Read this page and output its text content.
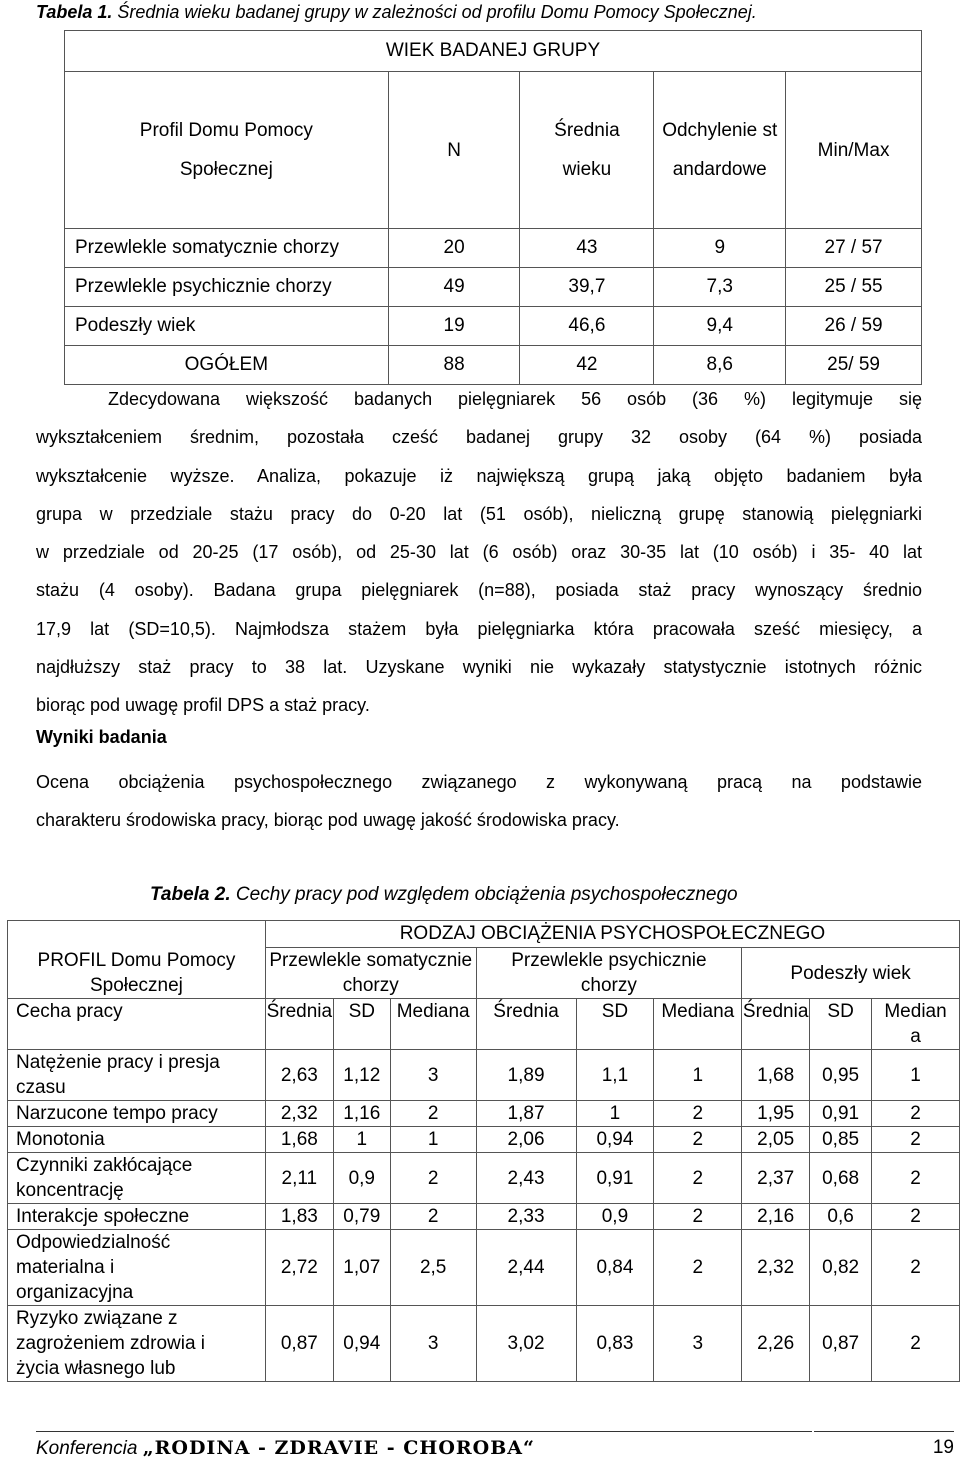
Tabela 1. Średnia wieku badanej grupy w zależności od profilu Domu Pomocy Społecznej.
WIEK BADANEJ GRUPY				
Profil Domu Pomocy Społecznej	N	Średnia wieku	Odchylenie standardowe	Min/Max
Przewlekle somatycznie chorzy	20	43	9	27 / 57
Przewlekle psychicznie chorzy	49	39,7	7,3	25 / 55
Podeszły wiek	19	46,6	9,4	26 / 59
OGÓŁEM	88	42	8,6	25/ 59
Zdecydowana większość badanych pielęgniarek 56 osób (36 %) legitymuje się
wykształceniem średnim, pozostała cześć badanej grupy 32 osoby (64 %) posiada
wykształcenie wyższe. Analiza, pokazuje iż największą grupą jaką objęto badaniem była
grupa w przedziale stażu pracy do 0-20 lat (51 osób), nieliczną grupę stanowią pielęgniarki
w przedziale od 20-25 (17 osób), od 25-30 lat (6 osób) oraz 30-35 lat (10 osób) i 35- 40 lat
stażu (4 osoby). Badana grupa pielęgniarek (n=88), posiada staż pracy wynoszący średnio
17,9 lat (SD=10,5). Najmłodsza stażem była pielęgniarka która pracowała sześć miesięcy, a
najdłuższy staż pracy to 38 lat. Uzyskane wyniki nie wykazały statystycznie istotnych różnic
biorąc pod uwagę profil DPS a staż pracy.
Wyniki badania
Ocena obciążenia psychospołecznego związanego z wykonywaną pracą na podstawie
charakteru środowiska pracy, biorąc pod uwagę jakość środowiska pracy.
Tabela 2. Cechy pracy pod względem obciążenia psychospołecznego
	RODZAJ OBCIĄŻENIA PSYCHOSPOŁECZNEGO								
PROFIL Domu Pomocy Społecznej	Przewlekle somatycznie chorzy			Przewlekle psychicznie chorzy			Podeszły wiek		
Cecha pracy	Średnia	SD	Mediana	Średnia	SD	Mediana	Średnia	SD	Mediana
Natężenie pracy i presja czasu	2,63	1,12	3	1,89	1,1	1	1,68	0,95	1
Narzucone tempo pracy	2,32	1,16	2	1,87	1	2	1,95	0,91	2
Monotonia	1,68	1	1	2,06	0,94	2	2,05	0,85	2
Czynniki zakłócające koncentrację	2,11	0,9	2	2,43	0,91	2	2,37	0,68	2
Interakcje społeczne	1,83	0,79	2	2,33	0,9	2	2,16	0,6	2
Odpowiedzialność materialna i organizacyjna	2,72	1,07	2,5	2,44	0,84	2	2,32	0,82	2
Ryzyko związane z zagrożeniem zdrowia i życia własnego lub	0,87	0,94	3	3,02	0,83	3	2,26	0,87	2
Konferencia „RODINA - ZDRAVIE - CHOROBA“	19
